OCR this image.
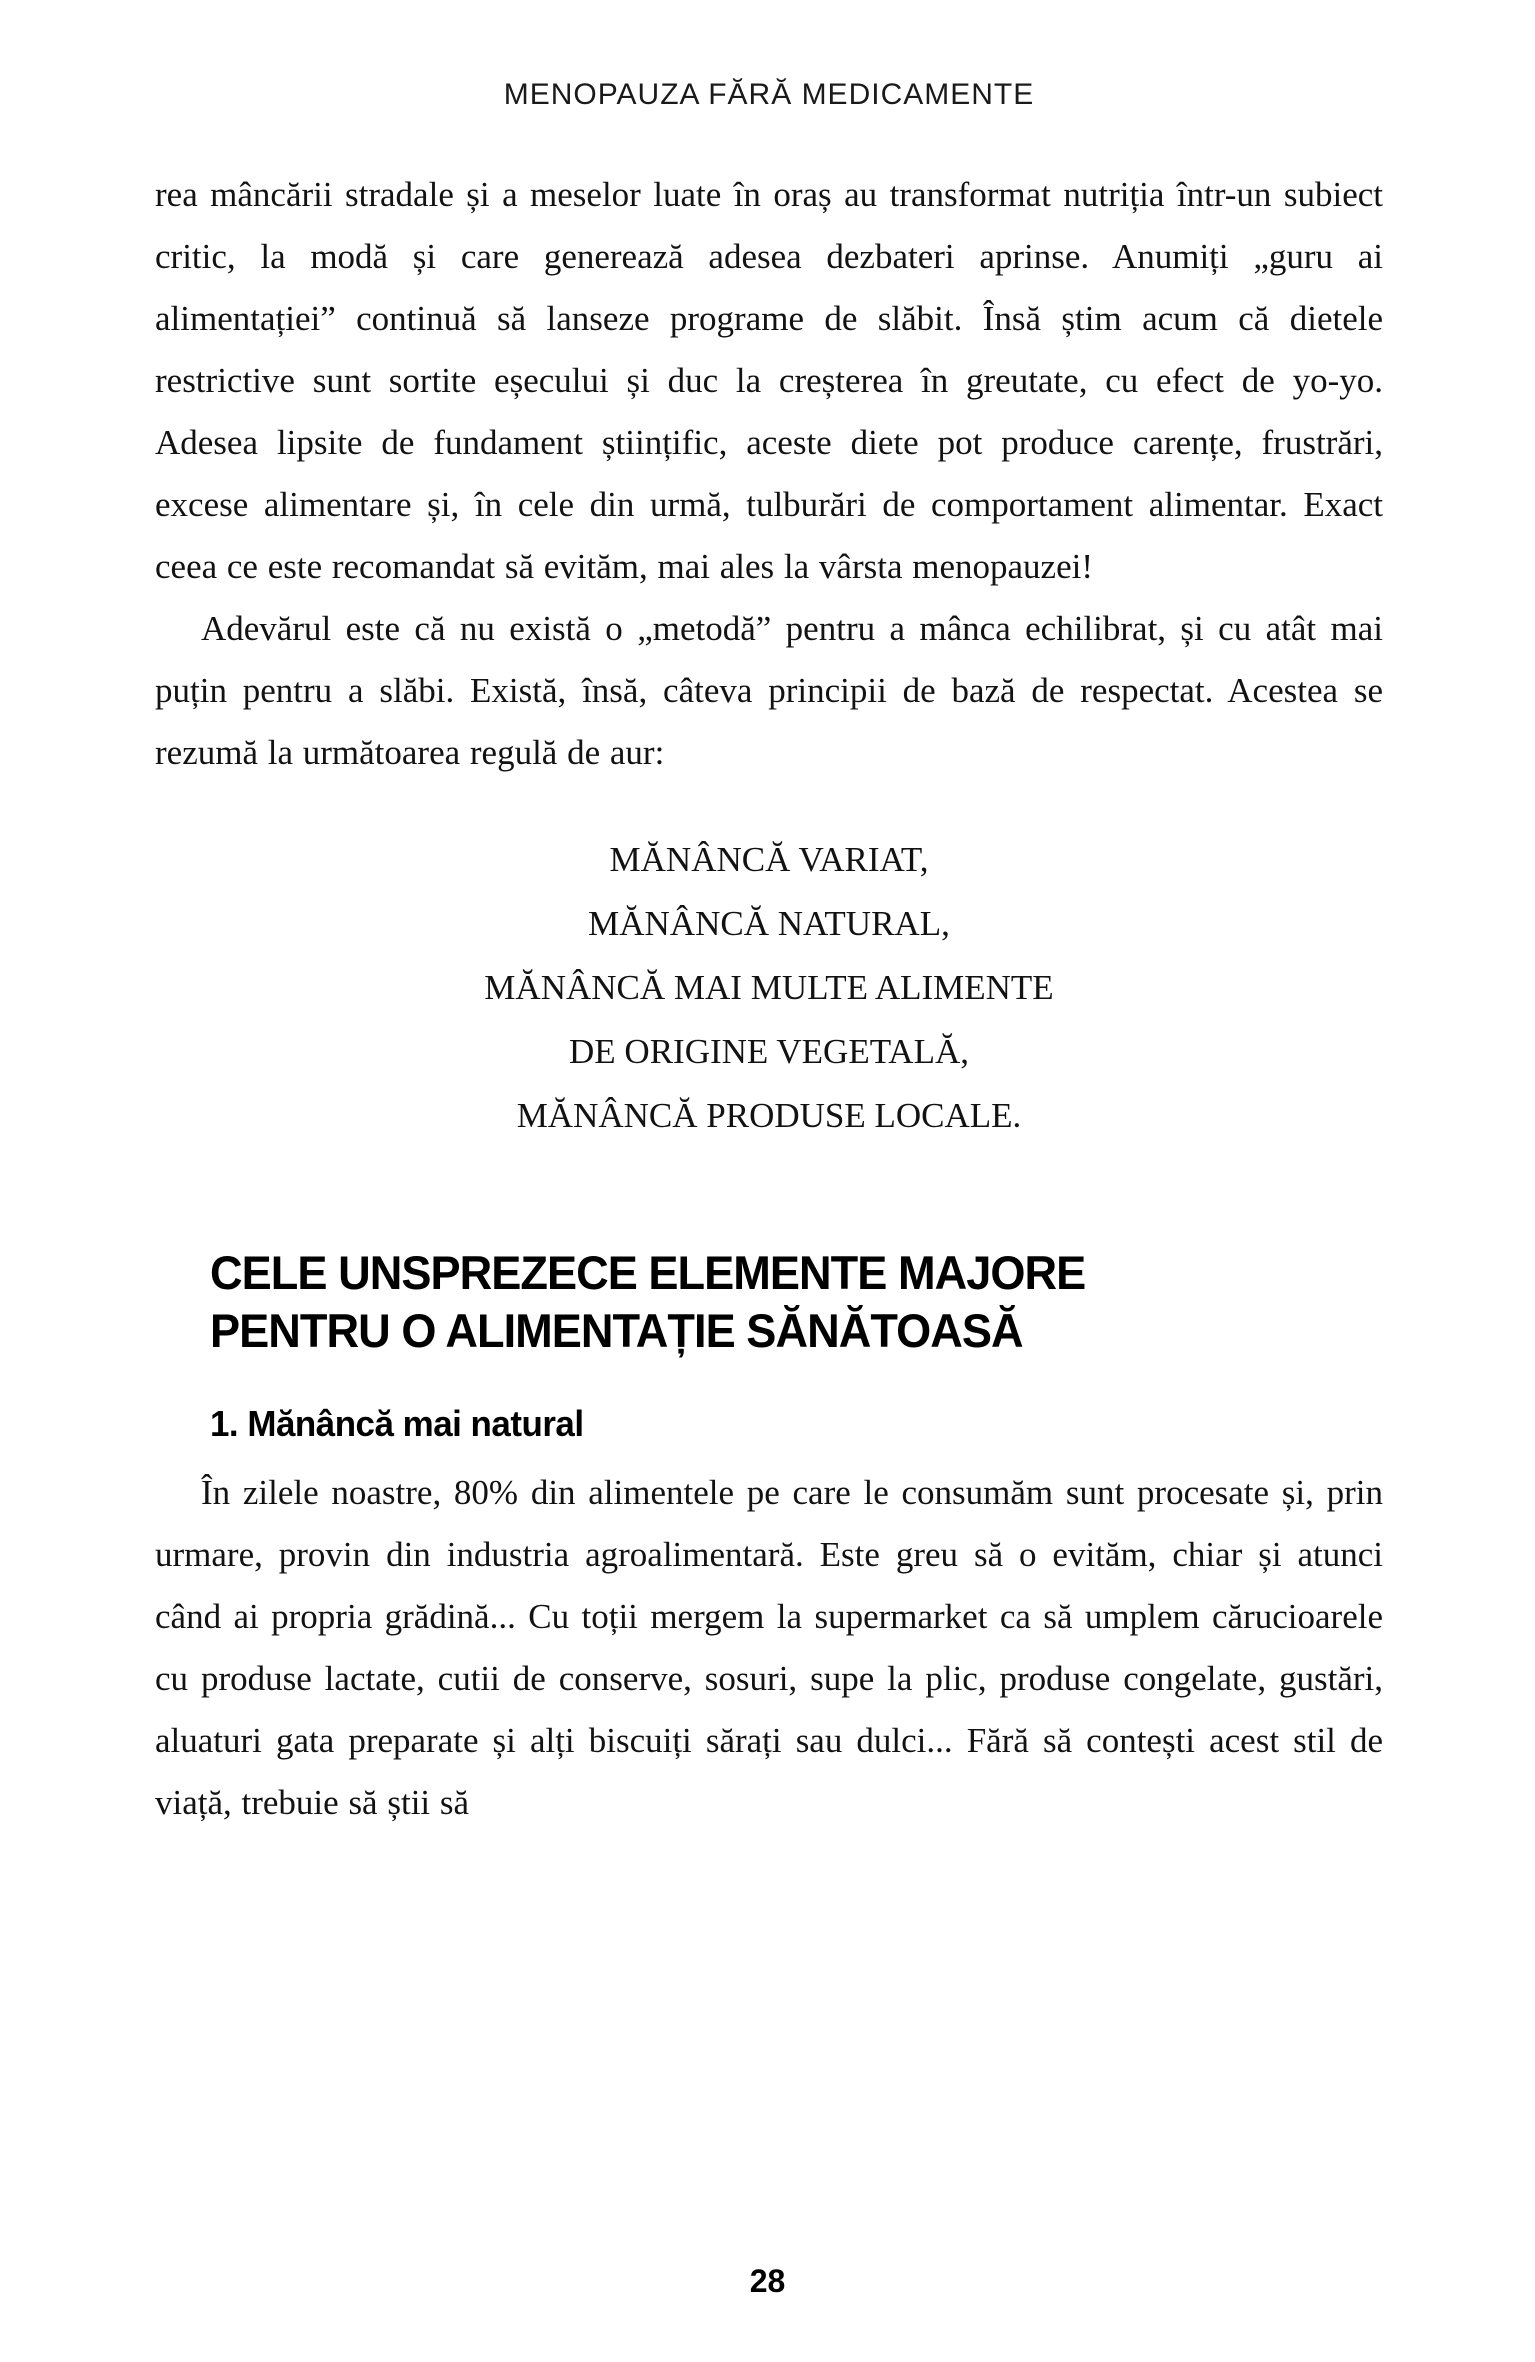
MENOPAUZA FĂRĂ MEDICAMENTE

rea mâncării stradale și a meselor luate în oraș au transformat nutriția într-un subiect critic, la modă și care generează adesea dezbateri aprinse. Anumiți „guru ai alimentației” continuă să lanseze programe de slăbit. Însă știm acum că dietele restrictive sunt sortite eșecului și duc la creșterea în greutate, cu efect de yo-yo. Adesea lipsite de fundament științific, aceste diete pot produce carențe, frustrări, excese alimentare și, în cele din urmă, tulburări de comportament alimentar. Exact ceea ce este recomandat să evităm, mai ales la vârsta menopauzei!

Adevărul este că nu există o „metodă” pentru a mânca echilibrat, și cu atât mai puțin pentru a slăbi. Există, însă, câteva principii de bază de respectat. Acestea se rezumă la următoarea regulă de aur:

MĂNÂNCĂ VARIAT,
MĂNÂNCĂ NATURAL,
MĂNÂNCĂ MAI MULTE ALIMENTE
DE ORIGINE VEGETALĂ,
MĂNÂNCĂ PRODUSE LOCALE.
CELE UNSPREZECE ELEMENTE MAJORE
PENTRU O ALIMENTAȚIE SĂNĂTOASĂ
1. Mănâncă mai natural

În zilele noastre, 80% din alimentele pe care le consumăm sunt procesate și, prin urmare, provin din industria agroalimentară. Este greu să o evităm, chiar și atunci când ai propria grădină... Cu toții mergem la supermarket ca să umplem cărucioarele cu produse lactate, cutii de conserve, sosuri, supe la plic, produse congelate, gustări, aluaturi gata preparate și alți biscuiți sărați sau dulci... Fără să contești acest stil de viață, trebuie să știi să

28
